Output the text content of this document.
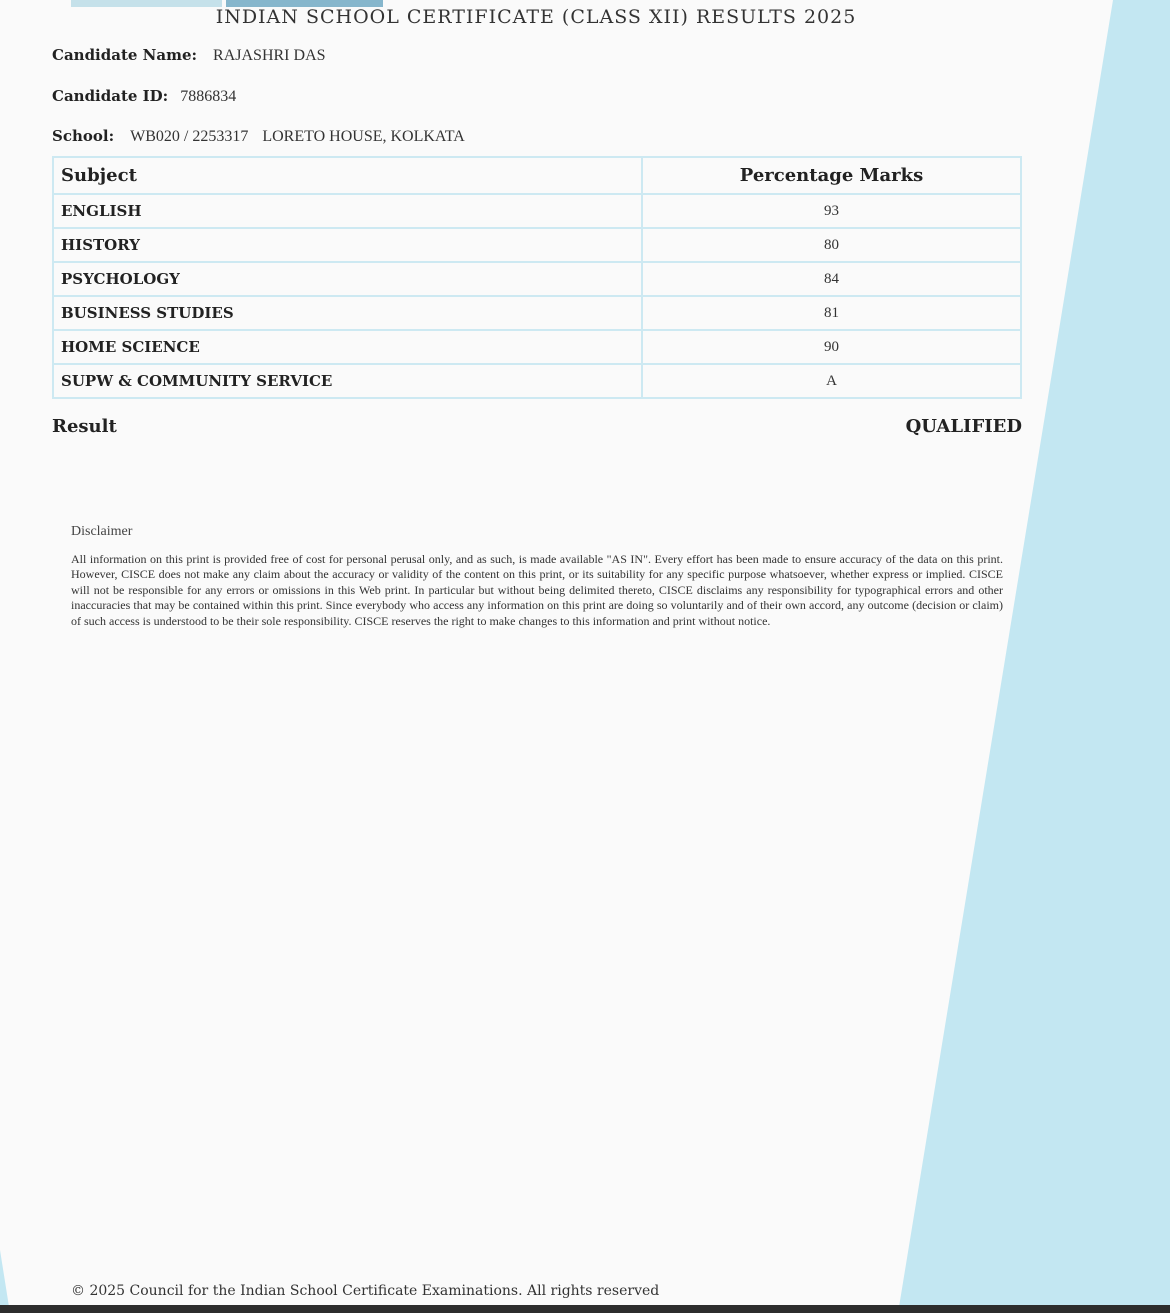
INDIAN SCHOOL CERTIFICATE (CLASS XII) RESULTS 2025
Candidate Name: RAJASHRI DAS
Candidate ID: 7886834
School: WB020 / 2253317 LORETO HOUSE, KOLKATA
Subject	Percentage Marks
ENGLISH	93
HISTORY	80
PSYCHOLOGY	84
BUSINESS STUDIES	81
HOME SCIENCE	90
SUPW & COMMUNITY SERVICE	A
Result	QUALIFIED
Disclaimer
All information on this print is provided free of cost for personal perusal only, and as such, is made available "AS IN". Every effort has been made to ensure accuracy of the data on this print. However, CISCE does not make any claim about the accuracy or validity of the content on this print, or its suitability for any specific purpose whatsoever, whether express or implied. CISCE will not be responsible for any errors or omissions in this Web print. In particular but without being delimited thereto, CISCE disclaims any responsibility for typographical errors and other inaccuracies that may be contained within this print. Since everybody who access any information on this print are doing so voluntarily and of their own accord, any outcome (decision or claim) of such access is understood to be their sole responsibility. CISCE reserves the right to make changes to this information and print without notice.
© 2025 Council for the Indian School Certificate Examinations. All rights reserved
